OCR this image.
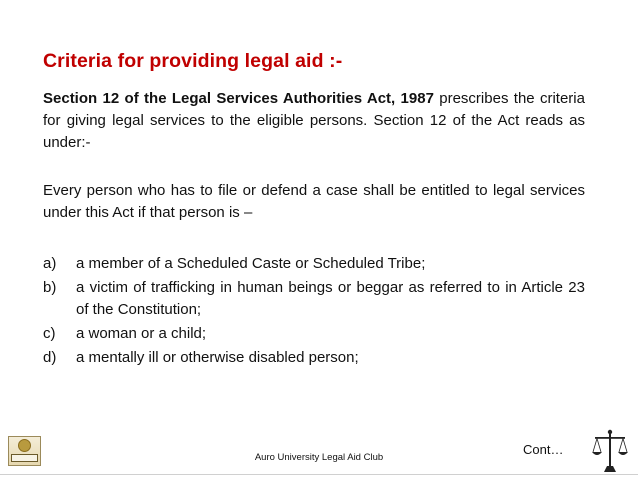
Criteria for providing legal aid :-

Section 12 of the Legal Services Authorities Act, 1987 prescribes the criteria for giving legal services to the eligible persons. Section 12 of the Act reads as under:-

Every person who has to file or defend a case shall be entitled to legal services under this Act if that person is –

a)	a member of a Scheduled Caste or Scheduled Tribe;
b)	a victim of trafficking in human beings or beggar as referred to in Article 23 of the Constitution;
c)	a woman or a child;
d)	a mentally ill or otherwise disabled person;
Auro University Legal Aid Club
Cont…
